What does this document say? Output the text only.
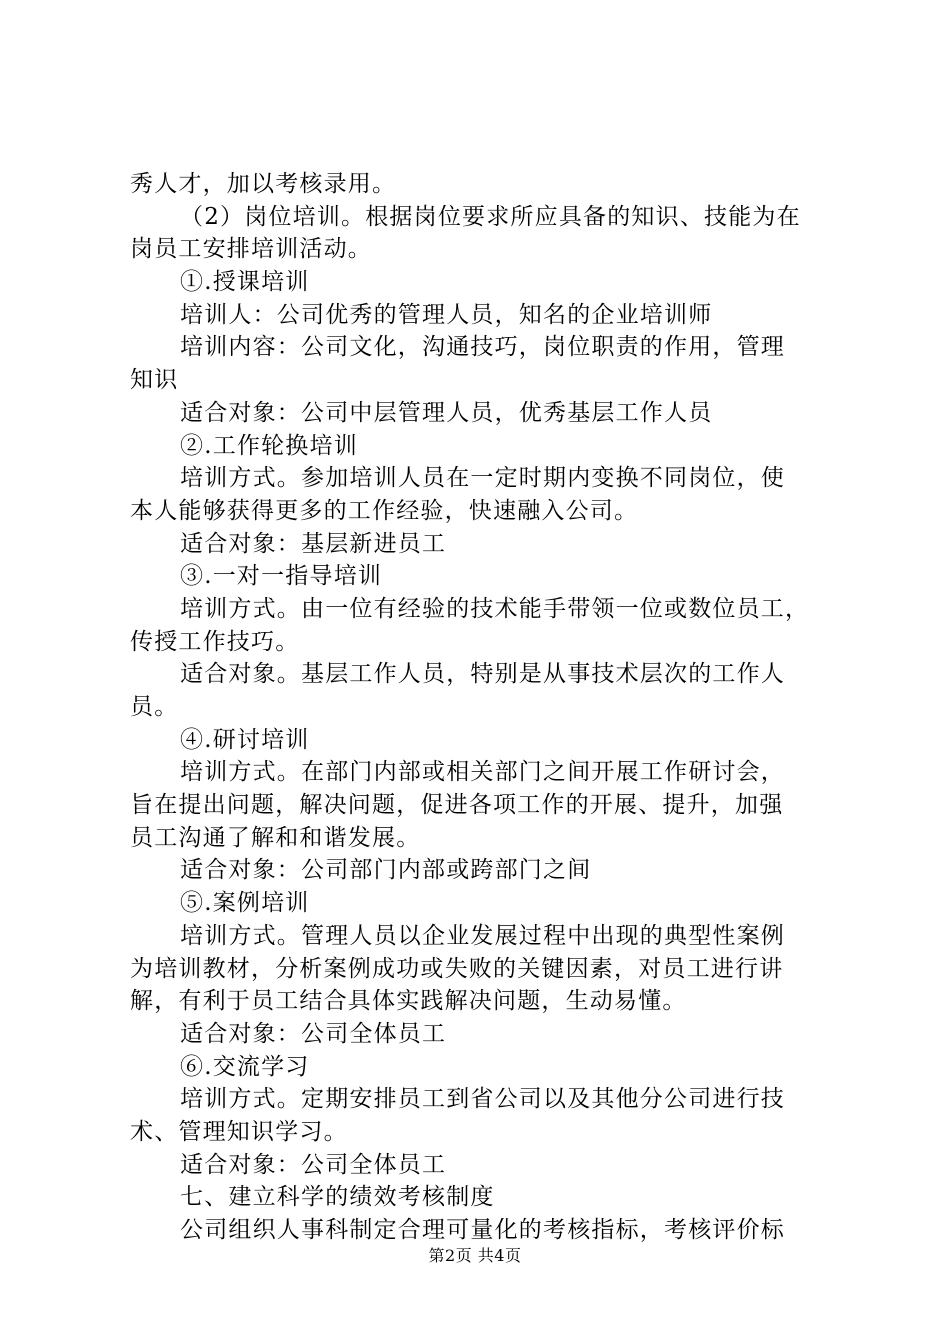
秀人才，加以考核录用。
（2）岗位培训。根据岗位要求所应具备的知识、技能为在
岗员工安排培训活动。
①.授课培训
培训人：公司优秀的管理人员，知名的企业培训师
培训内容：公司文化，沟通技巧，岗位职责的作用，管理
知识
适合对象：公司中层管理人员，优秀基层工作人员
②.工作轮换培训
培训方式。参加培训人员在一定时期内变换不同岗位，使
本人能够获得更多的工作经验，快速融入公司。
适合对象：基层新进员工
③.一对一指导培训
培训方式。由一位有经验的技术能手带领一位或数位员工，
传授工作技巧。
适合对象。基层工作人员，特别是从事技术层次的工作人
员。
④.研讨培训
培训方式。在部门内部或相关部门之间开展工作研讨会，
旨在提出问题，解决问题，促进各项工作的开展、提升，加强
员工沟通了解和和谐发展。
适合对象：公司部门内部或跨部门之间
⑤.案例培训
培训方式。管理人员以企业发展过程中出现的典型性案例
为培训教材，分析案例成功或失败的关键因素，对员工进行讲
解，有利于员工结合具体实践解决问题，生动易懂。
适合对象：公司全体员工
⑥.交流学习
培训方式。定期安排员工到省公司以及其他分公司进行技
术、管理知识学习。
适合对象：公司全体员工
七、建立科学的绩效考核制度
公司组织人事科制定合理可量化的考核指标，考核评价标
第2页 共4页
